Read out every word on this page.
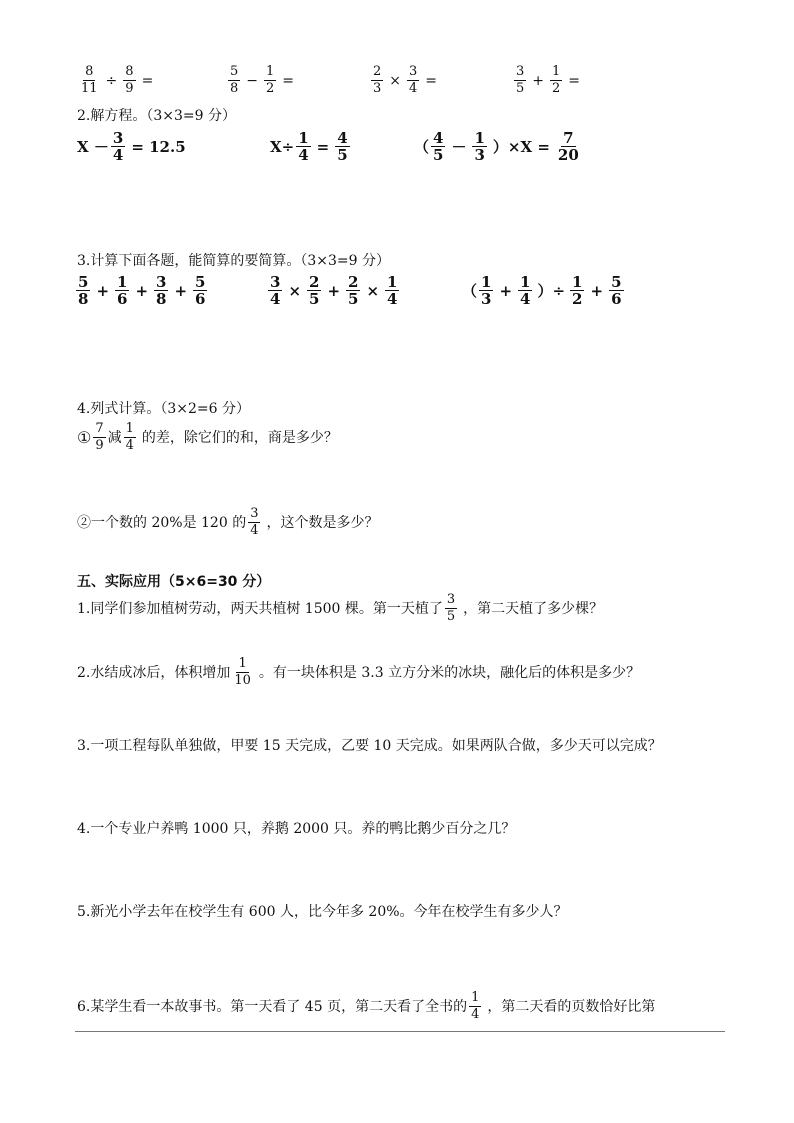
$\frac{8}{11} \div \frac{8}{9}$ =	$\frac{5}{8} - \frac{1}{2}$ =	$\frac{2}{3} \times \frac{3}{4}$ =	$\frac{3}{5} + \frac{1}{2}$ =
2.解方程。（3×3=9 分）
$X - \frac{3}{4} = 12.5$	$X\div \frac{1}{4} = \frac{4}{5}$	（ $\frac{4}{5} - \frac{1}{3} )\times X = \frac{7}{20}$
3.计算下面各题，能简算的要简算。（3×3=9 分）
$\frac{5}{8} + \frac{1}{6} + \frac{3}{8} + \frac{5}{6}$	$\frac{3}{4} \times \frac{2}{5} + \frac{2}{5} \times \frac{1}{4}$	（ $\frac{1}{3} + \frac{1}{4}$ ）÷ $\frac{1}{2} + \frac{5}{6}$
4.列式计算。（3×2=6 分）
① $\frac{7}{9}$ 减 $\frac{1}{4}$ 的差，除它们的和，商是多少？
②一个数的 20%是 120 的 $\frac{3}{4}$ ，这个数是多少？
五、实际应用（5×6=30 分）
1.同学们参加植树劳动，两天共植树 1500 棵。第一天植了 $\frac{3}{5}$ ，第二天植了多少棵？
2.水结成冰后，体积增加 $\frac{1}{10}$ 。有一块体积是 3.3 立方分米的冰块，融化后的体积是多少？
3.一项工程每队单独做，甲要 15 天完成，乙要 10 天完成。如果两队合做，多少天可以完成？
4.一个专业户养鸭 1000 只，养鹅 2000 只。养的鸭比鹅少百分之几？
5.新光小学去年在校学生有 600 人，比今年多 20%。今年在校学生有多少人？
6.某学生看一本故事书。第一天看了 45 页，第二天看了全书的 $\frac{1}{4}$ ，第二天看的页数恰好比第
